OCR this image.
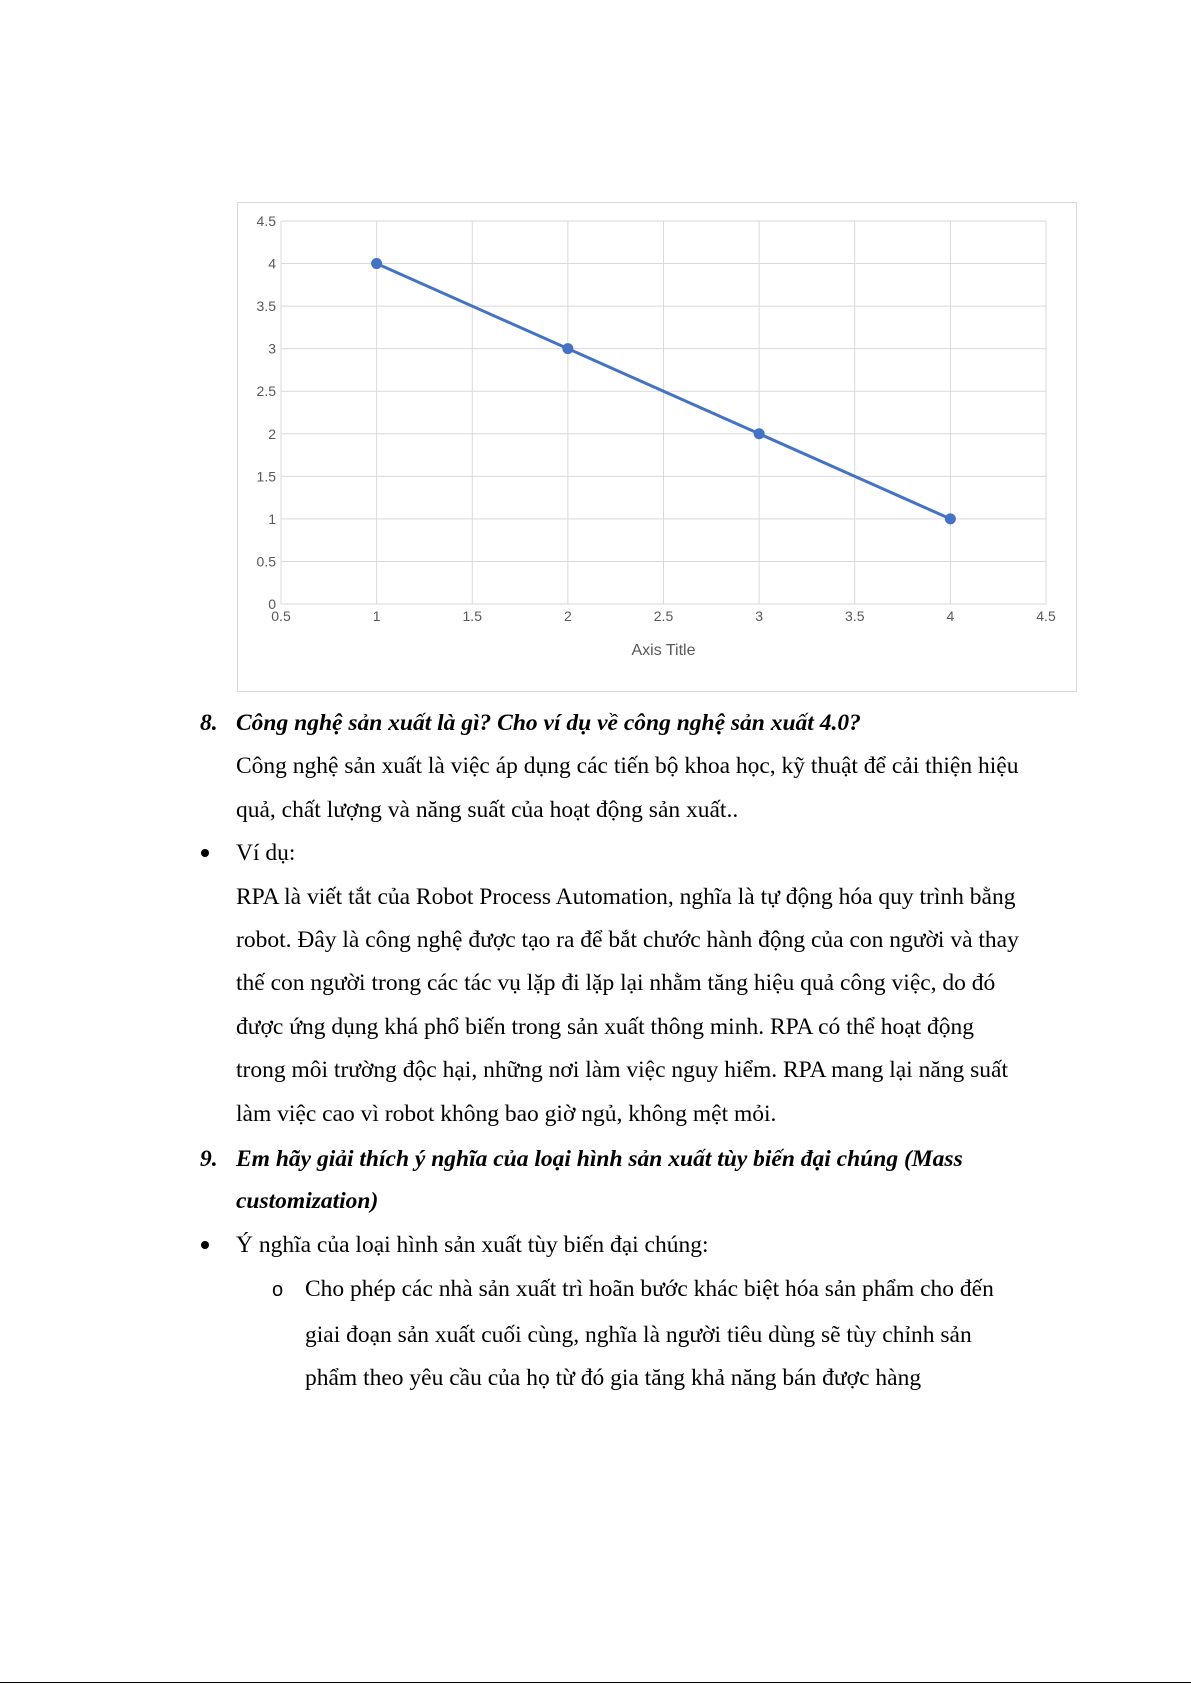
0
0.5
1
1.5
2
2.5
3
3.5
4
4.5
0.5	1	1.5	2	2.5	3	3.5	4	4.5
Axis Title
8. Công nghệ sản xuất là gì? Cho ví dụ về công nghệ sản xuất 4.0?
Công nghệ sản xuất là việc áp dụng các tiến bộ khoa học, kỹ thuật để cải thiện hiệu
quả, chất lượng và năng suất của hoạt động sản xuất..
Ví dụ:
RPA là viết tắt của Robot Process Automation, nghĩa là tự động hóa quy trình bằng
robot. Đây là công nghệ được tạo ra để bắt chước hành động của con người và thay
thế con người trong các tác vụ lặp đi lặp lại nhằm tăng hiệu quả công việc, do đó
được ứng dụng khá phổ biến trong sản xuất thông minh. RPA có thể hoạt động
trong môi trường độc hại, những nơi làm việc nguy hiểm. RPA mang lại năng suất
làm việc cao vì robot không bao giờ ngủ, không mệt mỏi.
9. Em hãy giải thích ý nghĩa của loại hình sản xuất tùy biến đại chúng (Mass
customization)
Ý nghĩa của loại hình sản xuất tùy biến đại chúng:
o Cho phép các nhà sản xuất trì hoãn bước khác biệt hóa sản phẩm cho đến
giai đoạn sản xuất cuối cùng, nghĩa là người tiêu dùng sẽ tùy chỉnh sản
phẩm theo yêu cầu của họ từ đó gia tăng khả năng bán được hàng
